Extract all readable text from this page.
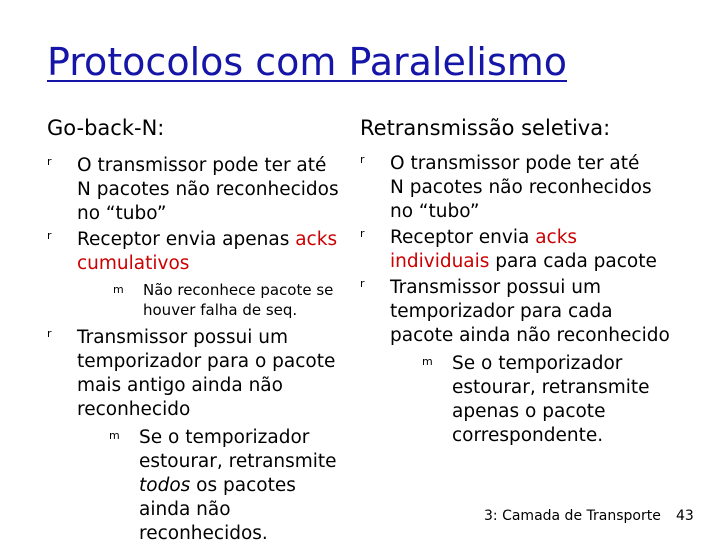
Protocolos com Paralelismo
Go-back-N:
r O transmissor pode ter até
N pacotes não reconhecidos
no “tubo”
r Receptor envia apenas acks cumulativos
m Não reconhece pacote se houver falha de seq.
r Transmissor possui um temporizador para o pacote mais antigo ainda não reconhecido
m Se o temporizador estourar, retransmite todos os pacotes ainda não reconhecidos.
Retransmissão seletiva:
r O transmissor pode ter até
N pacotes não reconhecidos
no “tubo”
r Receptor envia acks individuais para cada pacote
r Transmissor possui um temporizador para cada pacote ainda não reconhecido
m Se o temporizador estourar, retransmite apenas o pacote correspondente.
3: Camada de Transporte 43
